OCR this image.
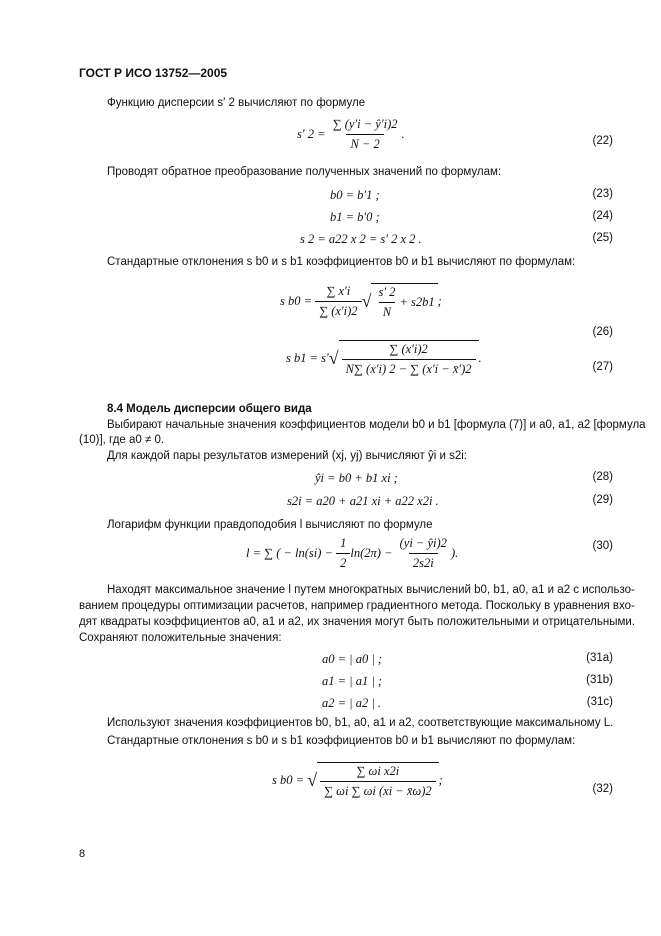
ГОСТ Р ИСО 13752—2005
Функцию дисперсии s′ 2 вычисляют по формуле
s′ 2 =
$\frac{\sum (y'i - ŷ'i)2}{N - 2}$ .	(22)
Проводят обратное преобразование полученных значений по формулам:
b0 = b′1 ;	(23)
b1 = b′0 ;	(24)
s 2 = a22 x 2 = s′ 2 x 2 .	(25)
Стандартные отклонения s b0 и s b1 коэффициентов b0 и b1 вычисляют по формулам:
s b0 =
$\frac{\sum x'i}{\sum (x'i)2}$ √ $\frac{s' 2}{N} + s2b1$ ;
(26)
s b1 = s′ √ $\frac{\sum (x'i)2}{N\sum (x'i) 2 - \sum (x'i - x̄')2}$ .
(27)
8.4 Модель дисперсии общего вида
Выбирают начальные значения коэффициентов модели b0 и b1 [формула (7)] и a0, a1, a2 [формула
(10)], где a0 ≠ 0.
Для каждой пары результатов измерений (xj, yj) вычисляют ŷi и s2i:
ŷi = b0 + b1 xi ;	(28)
s2i = a20 + a21 xi + a22 x2i .	(29)
Логарифм функции правдоподобия l вычисляют по формуле
l = ∑ (
− ln(si) −
$\frac{1}{2} \ln(2\pi)$ −
$\frac{(yi - ŷi)2}{2s2i}$ ).	(30)
Находят максимальное значение l путем многократных вычислений b0, b1, a0, a1 и a2 с использо-
ванием процедуры оптимизации расчетов, например градиентного метода. Поскольку в уравнения вхо-
дят квадраты коэффициентов a0, a1 и a2, их значения могут быть положительными и отрицательными.
Сохраняют положительные значения:
a0 = | a0 | ;	(31a)
a1 = | a1 | ;	(31b)
a2 = | a2 | .	(31c)
Используют значения коэффициентов b0, b1, a0, a1 и a2, соответствующие максимальному L.
Стандартные отклонения s b0 и s b1 коэффициентов b0 и b1 вычисляют по формулам:
s b0 =
√ $\frac{\text{∑ ωi x2i}}{\sum \omega i \sum \omega i (xi - x̄\omega)2}$ ;
(32)
8
